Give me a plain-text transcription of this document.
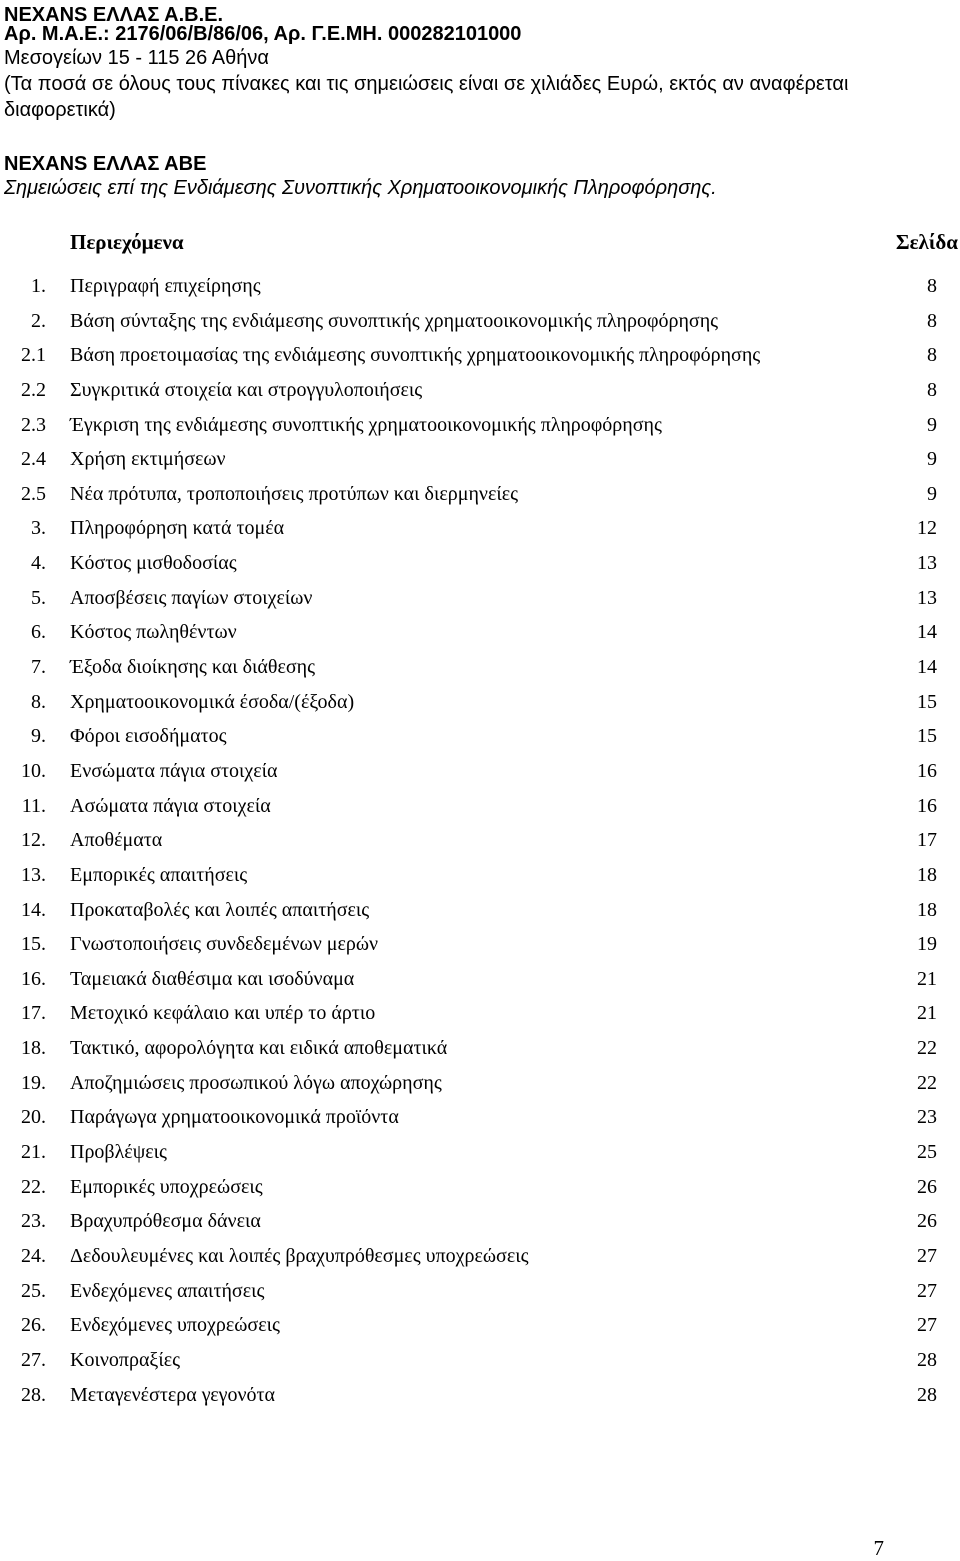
ΝΕΧΑΝS ΕΛΛΑΣ Α.Β.Ε.
Αρ. Μ.Α.Ε.: 2176/06/Β/86/06, Αρ. Γ.Ε.ΜΗ. 000282101000
Μεσογείων 15 - 115 26 Αθήνα
(Τα ποσά σε όλους τους πίνακες και τις σημειώσεις είναι σε χιλιάδες Ευρώ, εκτός αν αναφέρεται
διαφορετικά)
ΝΕΧΑΝS ΕΛΛΑΣ ΑΒΕ
Σημειώσεις επί της Ενδιάμεσης Συνοπτικής Χρηματοοικονομικής Πληροφόρησης.
Περιεχόμενα	Σελίδα
1. Περιγραφή επιχείρησης	8
2. Βάση σύνταξης της ενδιάμεσης συνοπτικής χρηματοοικονομικής πληροφόρησης	8
2.1 Βάση προετοιμασίας της ενδιάμεσης συνοπτικής χρηματοοικονομικής πληροφόρησης	8
2.2 Συγκριτικά στοιχεία και στρογγυλοποιήσεις	8
2.3 Έγκριση της ενδιάμεσης συνοπτικής χρηματοοικονομικής πληροφόρησης	9
2.4 Χρήση εκτιμήσεων	9
2.5 Νέα πρότυπα, τροποποιήσεις προτύπων και διερμηνείες	9
3. Πληροφόρηση κατά τομέα	12
4. Κόστος μισθοδοσίας	13
5. Αποσβέσεις παγίων στοιχείων	13
6. Κόστος πωληθέντων	14
7. Έξοδα διοίκησης και διάθεσης	14
8. Χρηματοοικονομικά έσοδα/(έξοδα)	15
9. Φόροι εισοδήματος	15
10. Ενσώματα πάγια στοιχεία	16
11. Ασώματα πάγια στοιχεία	16
12. Αποθέματα	17
13. Εμπορικές απαιτήσεις	18
14. Προκαταβολές και λοιπές απαιτήσεις	18
15. Γνωστοποιήσεις συνδεδεμένων μερών	19
16. Ταμειακά διαθέσιμα και ισοδύναμα	21
17. Μετοχικό κεφάλαιο και υπέρ το άρτιο	21
18. Τακτικό, αφορολόγητα και ειδικά αποθεματικά	22
19. Αποζημιώσεις προσωπικού λόγω αποχώρησης	22
20. Παράγωγα χρηματοοικονομικά προϊόντα	23
21. Προβλέψεις	25
22. Εμπορικές υποχρεώσεις	26
23. Βραχυπρόθεσμα δάνεια	26
24. Δεδουλευμένες και λοιπές βραχυπρόθεσμες υποχρεώσεις	27
25. Ενδεχόμενες απαιτήσεις	27
26. Ενδεχόμενες υποχρεώσεις	27
27. Κοινοπραξίες	28
28. Μεταγενέστερα γεγονότα	28
7
